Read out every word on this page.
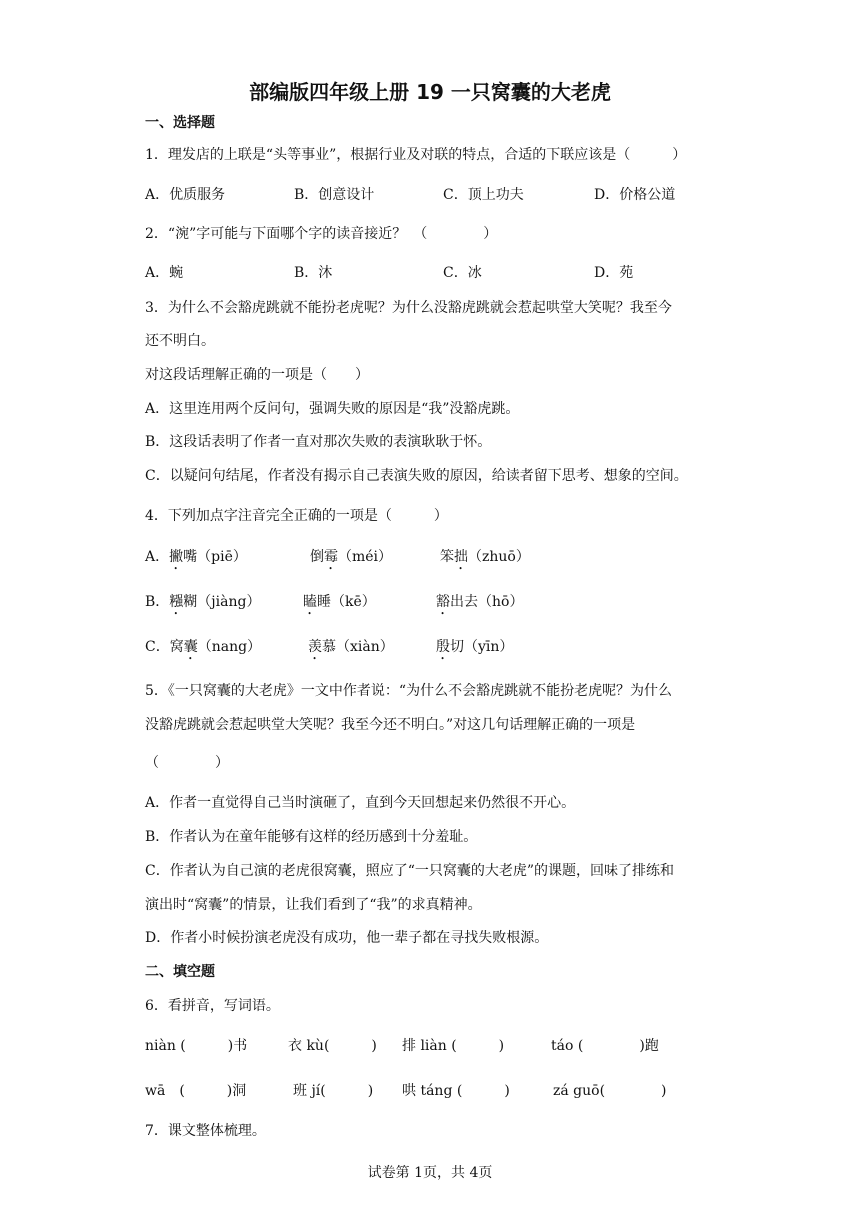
部编版四年级上册 19 一只窝囊的大老虎
一、选择题
1．理发店的上联是“头等事业”，根据行业及对联的特点，合适的下联应该是（　　　）
A．优质服务	B．创意设计	C．顶上功夫	D．价格公道
2．“涴”字可能与下面哪个字的读音接近？　（　　　　）
A．蜿	B．沐	C．冰	D．苑
3．为什么不会豁虎跳就不能扮老虎呢？为什么没豁虎跳就会惹起哄堂大笑呢？我至今
还不明白。
对这段话理解正确的一项是（　　）
A．这里连用两个反问句，强调失败的原因是“我”没豁虎跳。
B．这段话表明了作者一直对那次失败的表演耿耿于怀。
C．以疑问句结尾，作者没有揭示自己表演失败的原因，给读者留下思考、想象的空间。
4．下列加点字注音完全正确的一项是（　　　）
A．撇嘴（piē）	倒霉（méi）	笨拙（zhuō）
B．糨糊（jiàng）	瞌睡（kē）	豁出去（hō）
C．窝囊（nang）	羡慕（xiàn）	殷切（yīn）
5．《一只窝囊的大老虎》一文中作者说：“为什么不会豁虎跳就不能扮老虎呢？为什么
没豁虎跳就会惹起哄堂大笑呢？我至今还不明白。”对这几句话理解正确的一项是
（　　　　）
A．作者一直觉得自己当时演砸了，直到今天回想起来仍然很不开心。
B．作者认为在童年能够有这样的经历感到十分羞耻。
C．作者认为自己演的老虎很窝囊，照应了“一只窝囊的大老虎”的课题，回味了排练和
演出时“窝囊”的情景，让我们看到了“我”的求真精神。
D．作者小时候扮演老虎没有成功，他一辈子都在寻找失败根源。
二、填空题
6．看拼音，写词语。
niàn (　　　)书	衣 kù(　　　) 排 liàn (　　　)	táo (　　　　)跑
wā　(　　　)洞	班 jí(　　　) 哄 táng (　　　)	zá guō(　　　　)
7．课文整体梳理。
试卷第 1页，共 4页
